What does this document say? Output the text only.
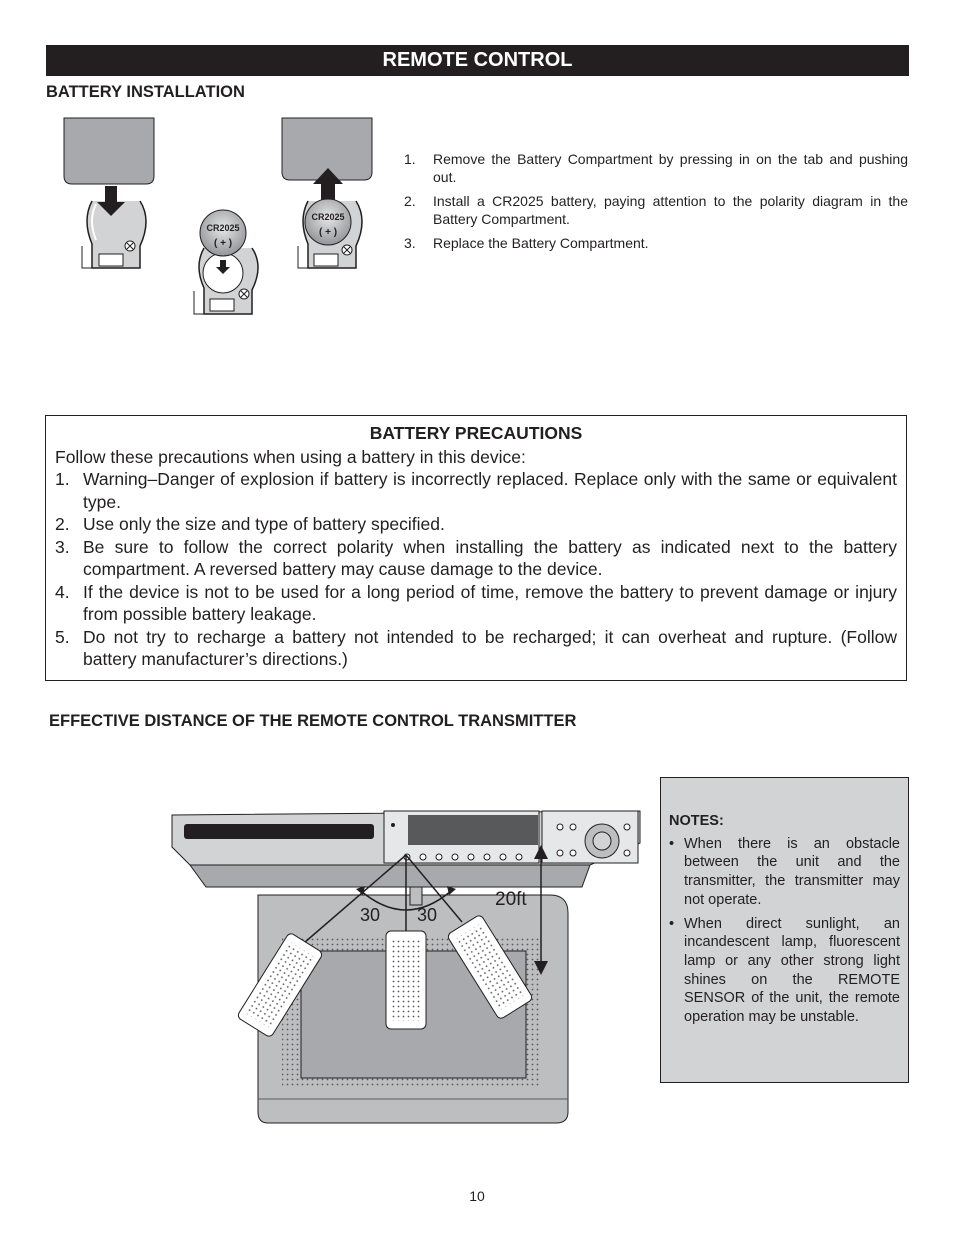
REMOTE CONTROL
BATTERY INSTALLATION
CR2025
( + )
CR2025
( + )
1.	Remove the Battery Compartment by pressing in on the tab and pushing out.
2.	Install a CR2025 battery, paying attention to the polarity diagram in the Battery Compartment.
3.	Replace the Battery Compartment.
BATTERY PRECAUTIONS
Follow these precautions when using a battery in this device:
1. Warning–Danger of explosion if battery is incorrectly replaced. Replace only with the same or equivalent type.
2. Use only the size and type of battery specified.
3. Be sure to follow the correct polarity when installing the battery as indicated next to the battery compartment. A reversed battery may cause damage to the device.
4. If the device is not to be used for a long period of time, remove the battery to prevent damage or injury from possible battery leakage.
5. Do not try to recharge a battery not intended to be recharged; it can overheat and rupture. (Follow battery manufacturer’s directions.)
EFFECTIVE DISTANCE OF THE REMOTE CONTROL TRANSMITTER
30 30
20ft
NOTES:
• When there is an obstacle between the unit and the transmitter, the transmitter may not operate.
• When direct sunlight, an incandescent lamp, fluorescent lamp or any other strong light shines on the REMOTE SENSOR of the unit, the remote operation may be unstable.
10
